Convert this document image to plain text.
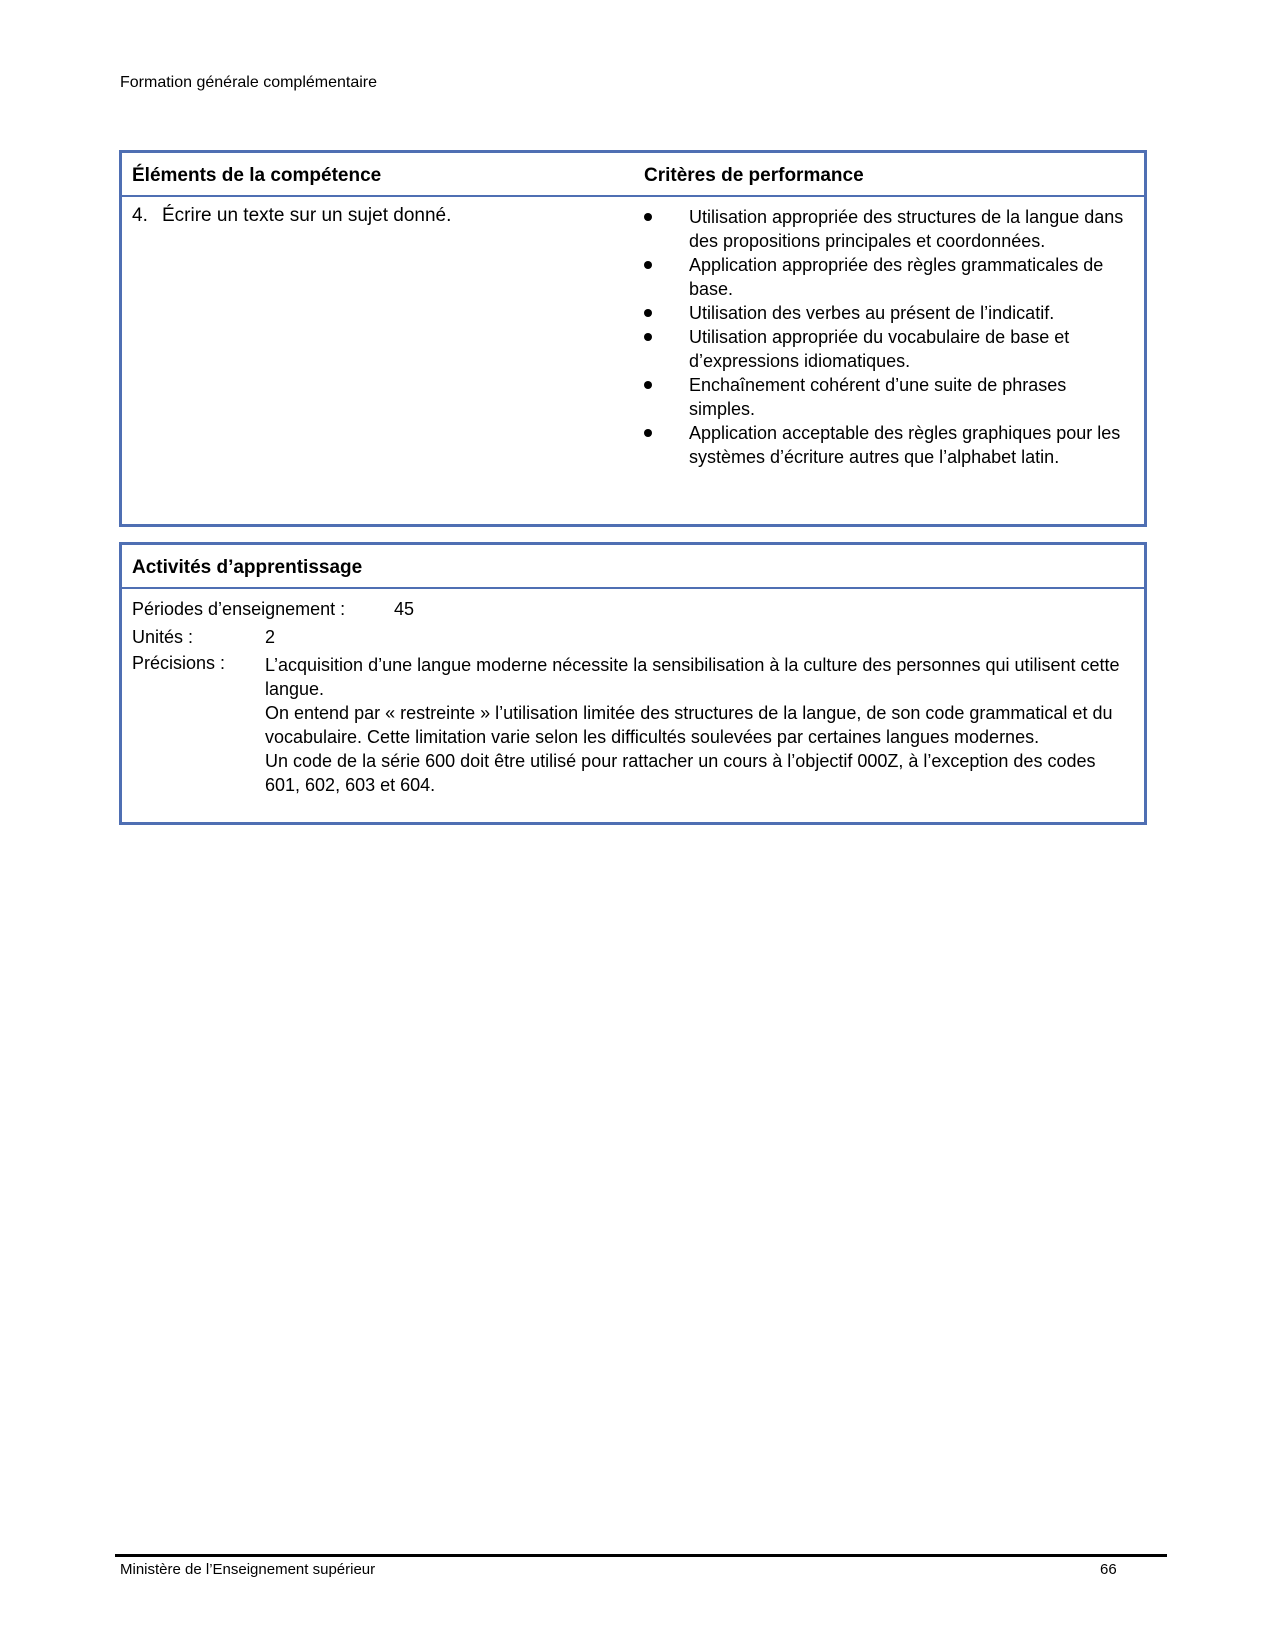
Formation générale complémentaire
Éléments de la compétence	Critères de performance
4. Écrire un texte sur un sujet donné.	Utilisation appropriée des structures de la langue dans des propositions principales et coordonnées.
Application appropriée des règles grammaticales de base.
Utilisation des verbes au présent de l’indicatif.
Utilisation appropriée du vocabulaire de base et d’expressions idiomatiques.
Enchaînement cohérent d’une suite de phrases simples.
Application acceptable des règles graphiques pour les systèmes d’écriture autres que l’alphabet latin.
Activités d’apprentissage
Périodes d’enseignement :	45
Unités :	2
Précisions : L’acquisition d’une langue moderne nécessite la sensibilisation à la culture des personnes qui utilisent cette langue.

On entend par « restreinte » l’utilisation limitée des structures de la langue, de son code grammatical et du vocabulaire. Cette limitation varie selon les difficultés soulevées par certaines langues modernes.

Un code de la série 600 doit être utilisé pour rattacher un cours à l’objectif 000Z, à l’exception des codes 601, 602, 603 et 604.

Ministère de l’Enseignement supérieur	66
